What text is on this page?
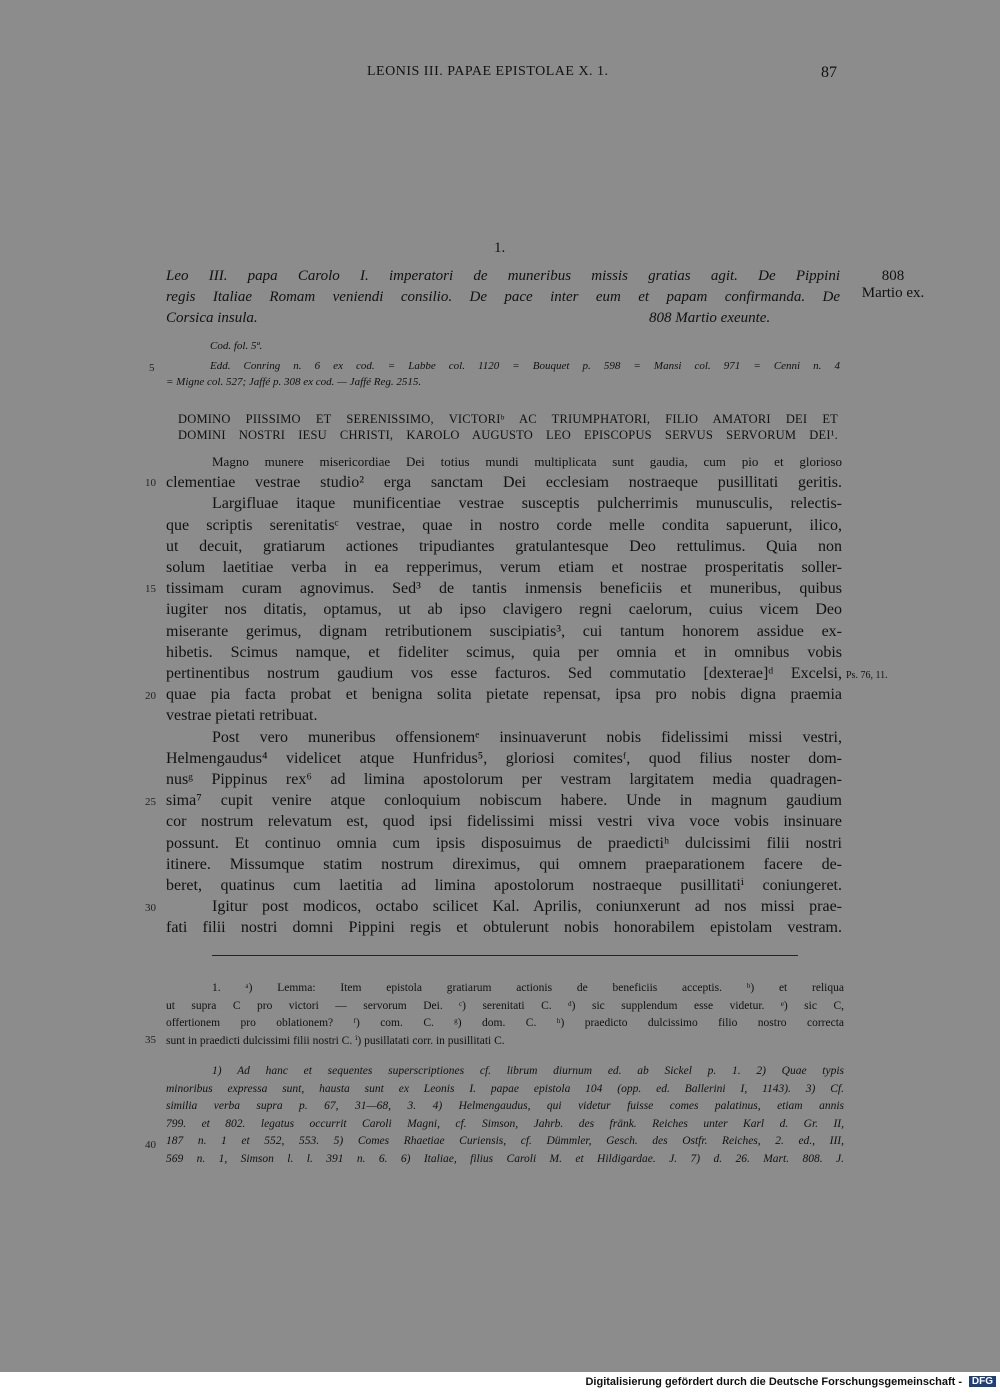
LEONIS III. PAPAE EPISTOLAE X. 1.	87
1.
Leo III. papa Carolo I. imperatori de muneribus missis gratias agit. De Pippini
regis Italiae Romam veniendi consilio. De pace inter eum et papam confirmanda. De
Corsica insula.	808 Martio exeunte.
808
Martio ex.
Cod. fol. 5ª.
Edd. Conring n. 6 ex cod. = Labbe col. 1120 = Bouquet p. 598 = Mansi col. 971 = Cenni n. 4
= Migne col. 527; Jaffé p. 308 ex cod. — Jaffé Reg. 2515.
DOMINO PIISSIMO ET SERENISSIMO, VICTORIᵇ AC TRIUMPHATORI, FILIO AMATORI DEI ET
DOMINI NOSTRI IESU CHRISTI, KAROLO AUGUSTO LEO EPISCOPUS SERVUS SERVORUM DEI¹.
Magno munere misericordiae Dei totius mundi multiplicata sunt gaudia, cum pio et glorioso
clementiae vestrae studio² erga sanctam Dei ecclesiam nostraeque pusillitati geritis.
Largifluae itaque munificentiae vestrae susceptis pulcherrimis munusculis, relectis-
que scriptis serenitatisᶜ vestrae, quae in nostro corde melle condita sapuerunt, ilico,
ut decuit, gratiarum actiones tripudiantes gratulantesque Deo rettulimus. Quia non
solum laetitiae verba in ea repperimus, verum etiam et nostrae prosperitatis soller-
tissimam curam agnovimus. Sed³ de tantis inmensis beneficiis et muneribus, quibus
iugiter nos ditatis, optamus, ut ab ipso clavigero regni caelorum, cuius vicem Deo
miserante gerimus, dignam retributionem suscipiatis³, cui tantum honorem assidue ex-
hibetis. Scimus namque, et fideliter scimus, quia per omnia et in omnibus vobis
pertinentibus nostrum gaudium vos esse facturos. Sed commutatio [dexterae]ᵈ Excelsi,
quae pia facta probat et benigna solita pietate repensat, ipsa pro nobis digna praemia
vestrae pietati retribuat.
Post vero muneribus offensionemᵉ insinuaverunt nobis fidelissimi missi vestri,
Helmengaudus⁴ videlicet atque Hunfridus⁵, gloriosi comitesᶠ, quod filius noster dom-
nusᵍ Pippinus rex⁶ ad limina apostolorum per vestram largitatem media quadragen-
sima⁷ cupit venire atque conloquium nobiscum habere. Unde in magnum gaudium
cor nostrum relevatum est, quod ipsi fidelissimi missi vestri viva voce vobis insinuare
possunt. Et continuo omnia cum ipsis disposuimus de praedictiʰ dulcissimi filii nostri
itinere. Missumque statim nostrum direximus, qui omnem praeparationem facere de-
beret, quatinus cum laetitia ad limina apostolorum nostraeque pusillitatiⁱ coniungeret.
Igitur post modicos, octabo scilicet Kal. Aprilis, coniunxerunt ad nos missi prae-
fati filii nostri domni Pippini regis et obtulerunt nobis honorabilem epistolam vestram.
Ps. 76, 11.
5
10
15
20
25
30
35
40
1. ᵃ) Lemma: Item epistola gratiarum actionis de beneficiis acceptis. ᵇ) et reliqua
ut supra C pro victori — servorum Dei. ᶜ) serenitati C. ᵈ) sic supplendum esse videtur. ᵉ) sic C,
offertionem pro oblationem? ᶠ) com. C. ᵍ) dom. C. ʰ) praedicto dulcissimo filio nostro correcta
sunt in praedicti dulcissimi filii nostri C. ⁱ) pusillatati corr. in pusillitati C.
1) Ad hanc et sequentes superscriptiones cf. librum diurnum ed. ab Sickel p. 1. 2) Quae typis
minoribus expressa sunt, hausta sunt ex Leonis I. papae epistola 104 (opp. ed. Ballerini I, 1143). 3) Cf.
similia verba supra p. 67, 31—68, 3. 4) Helmengaudus, qui videtur fuisse comes palatinus, etiam annis
799. et 802. legatus occurrit Caroli Magni, cf. Simson, Jahrb. des fränk. Reiches unter Karl d. Gr. II,
187 n. 1 et 552, 553. 5) Comes Rhaetiae Curiensis, cf. Dümmler, Gesch. des Ostfr. Reiches, 2. ed., III,
569 n. 1, Simson l. l. 391 n. 6. 6) Italiae, filius Caroli M. et Hildigardae. J. 7) d. 26. Mart. 808. J.
Digitalisierung gefördert durch die Deutsche Forschungsgemeinschaft - DFG
